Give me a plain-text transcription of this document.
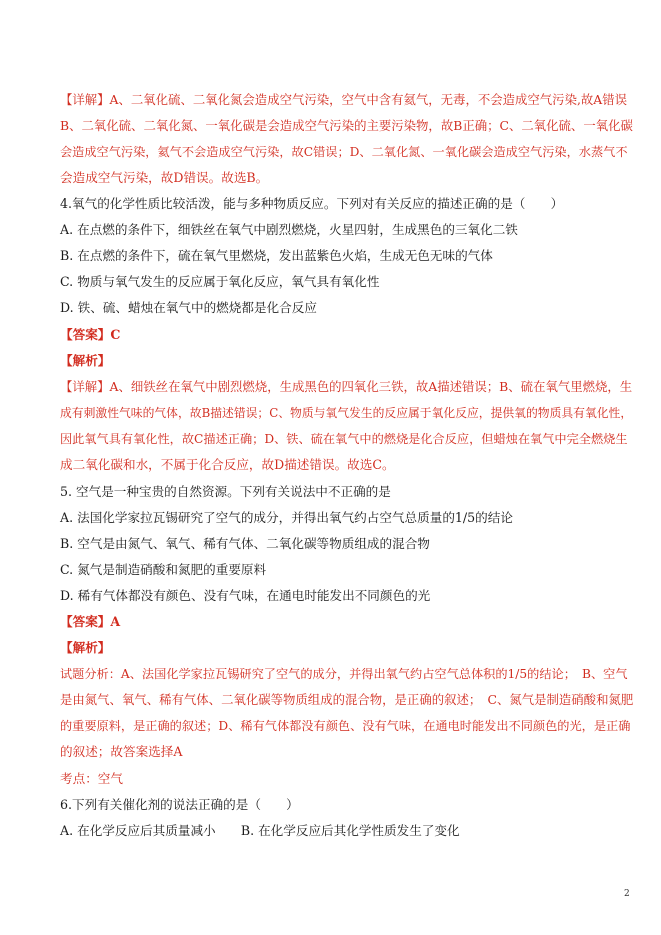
【详解】A、二氧化硫、二氧化氮会造成空气污染，空气中含有氦气，无毒，不会造成空气污染,故A错误
B、二氧化硫、二氧化氮、一氧化碳是会造成空气污染的主要污染物，故B正确；C、二氧化硫、一氧化碳
会造成空气污染，氦气不会造成空气污染，故C错误；D、二氧化氮、一氧化碳会造成空气污染，水蒸气不
会造成空气污染，故D错误。故选B。
4.氧气的化学性质比较活泼，能与多种物质反应。下列对有关反应的描述正确的是（　　）
A. 在点燃的条件下，细铁丝在氧气中剧烈燃烧，火星四射，生成黑色的三氧化二铁
B. 在点燃的条件下，硫在氧气里燃烧，发出蓝紫色火焰，生成无色无味的气体
C. 物质与氧气发生的反应属于氧化反应，氧气具有氧化性
D. 铁、硫、蜡烛在氧气中的燃烧都是化合反应
【答案】C
【解析】
【详解】A、细铁丝在氧气中剧烈燃烧，生成黑色的四氧化三铁，故A描述错误；B、硫在氧气里燃烧，生
成有刺激性气味的气体，故B描述错误；C、物质与氧气发生的反应属于氧化反应，提供氧的物质具有氧化性，
因此氧气具有氧化性，故C描述正确；D、铁、硫在氧气中的燃烧是化合反应，但蜡烛在氧气中完全燃烧生
成二氧化碳和水，不属于化合反应，故D描述错误。故选C。
5. 空气是一种宝贵的自然资源。下列有关说法中不正确的是
A. 法国化学家拉瓦锡研究了空气的成分，并得出氧气约占空气总质量的1/5的结论
B. 空气是由氮气、氧气、稀有气体、二氧化碳等物质组成的混合物
C. 氮气是制造硝酸和氮肥的重要原料
D. 稀有气体都没有颜色、没有气味，在通电时能发出不同颜色的光
【答案】A
【解析】
试题分析：A、法国化学家拉瓦锡研究了空气的成分，并得出氧气约占空气总体积的1/5的结论；　B、空气
是由氮气、氧气、稀有气体、二氧化碳等物质组成的混合物，是正确的叙述；　C、氮气是制造硝酸和氮肥
的重要原料，是正确的叙述；D、稀有气体都没有颜色、没有气味，在通电时能发出不同颜色的光，是正确
的叙述；故答案选择A
考点：空气
6.下列有关催化剂的说法正确的是（　　）
A. 在化学反应后其质量减小　　B. 在化学反应后其化学性质发生了变化
2
